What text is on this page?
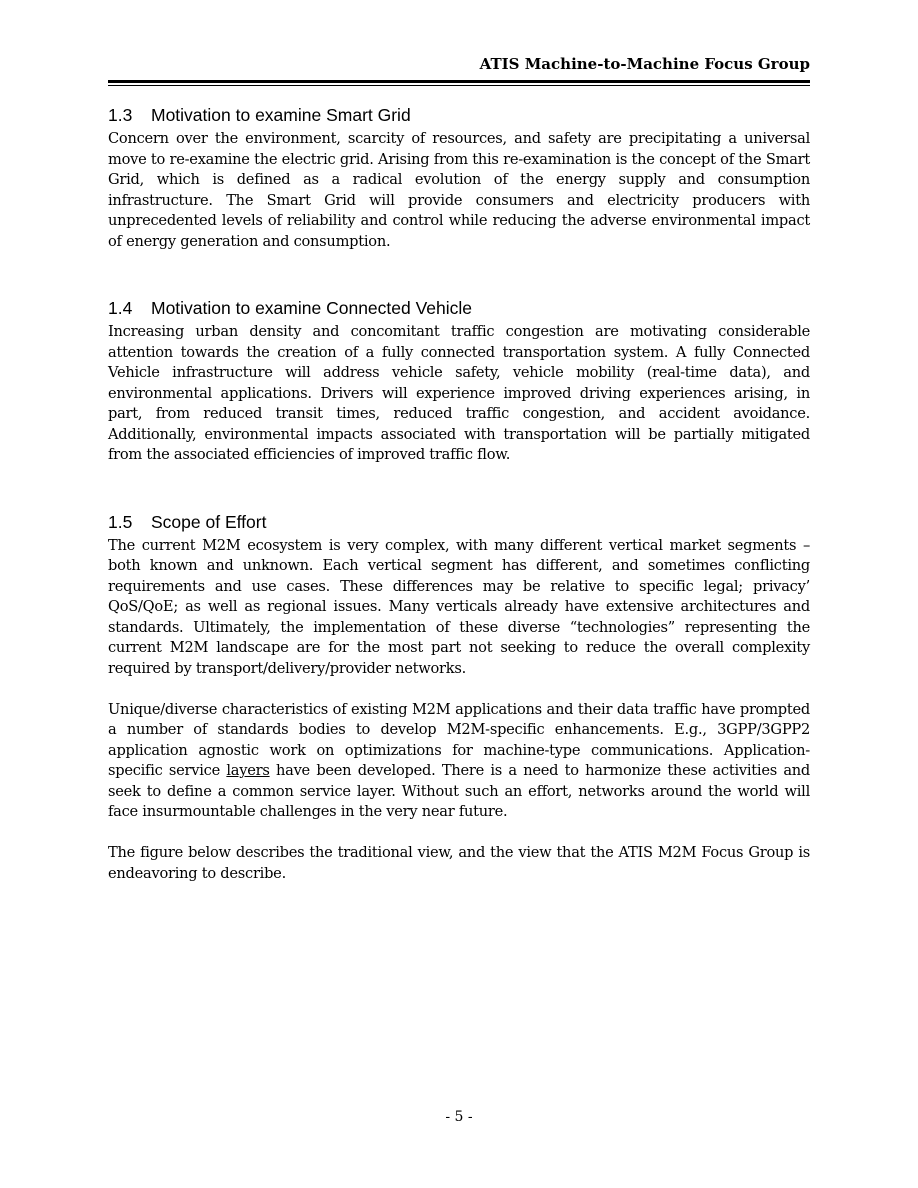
ATIS Machine-to-Machine Focus Group
1.3 Motivation to examine Smart Grid

Concern over the environment, scarcity of resources, and safety are precipitating a universal move to re-examine the electric grid. Arising from this re-examination is the concept of the Smart Grid, which is defined as a radical evolution of the energy supply and consumption infrastructure. The Smart Grid will provide consumers and electricity producers with unprecedented levels of reliability and control while reducing the adverse environmental impact of energy generation and consumption.

1.4 Motivation to examine Connected Vehicle

Increasing urban density and concomitant traffic congestion are motivating considerable attention towards the creation of a fully connected transportation system. A fully Connected Vehicle infrastructure will address vehicle safety, vehicle mobility (real-time data), and environmental applications. Drivers will experience improved driving experiences arising, in part, from reduced transit times, reduced traffic congestion, and accident avoidance. Additionally, environmental impacts associated with transportation will be partially mitigated from the associated efficiencies of improved traffic flow.

1.5 Scope of Effort

The current M2M ecosystem is very complex, with many different vertical market segments – both known and unknown. Each vertical segment has different, and sometimes conflicting requirements and use cases. These differences may be relative to specific legal; privacy’ QoS/QoE; as well as regional issues. Many verticals already have extensive architectures and standards. Ultimately, the implementation of these diverse “technologies” representing the current M2M landscape are for the most part not seeking to reduce the overall complexity required by transport/delivery/provider networks.

Unique/diverse characteristics of existing M2M applications and their data traffic have prompted a number of standards bodies to develop M2M-specific enhancements. E.g., 3GPP/3GPP2 application agnostic work on optimizations for machine-type communications. Application-specific service layers have been developed. There is a need to harmonize these activities and seek to define a common service layer. Without such an effort, networks around the world will face insurmountable challenges in the very near future.

The figure below describes the traditional view, and the view that the ATIS M2M Focus Group is endeavoring to describe.

- 5 -
